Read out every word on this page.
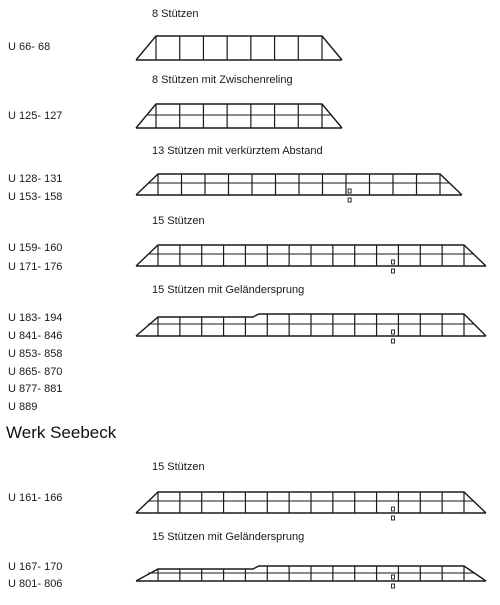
8 Stützen
U 66- 68
8 Stützen mit Zwischenreling
U 125- 127
13 Stützen mit verkürztem Abstand
U 128- 131
U 153- 158
15 Stützen
U 159- 160
U 171- 176
15 Stützen mit Geländersprung
U 183- 194
U 841- 846
U 853- 858
U 865- 870
U 877- 881
U 889
Werk Seebeck
15 Stützen
U 161- 166
15 Stützen mit Geländersprung
U 167- 170
U 801- 806
